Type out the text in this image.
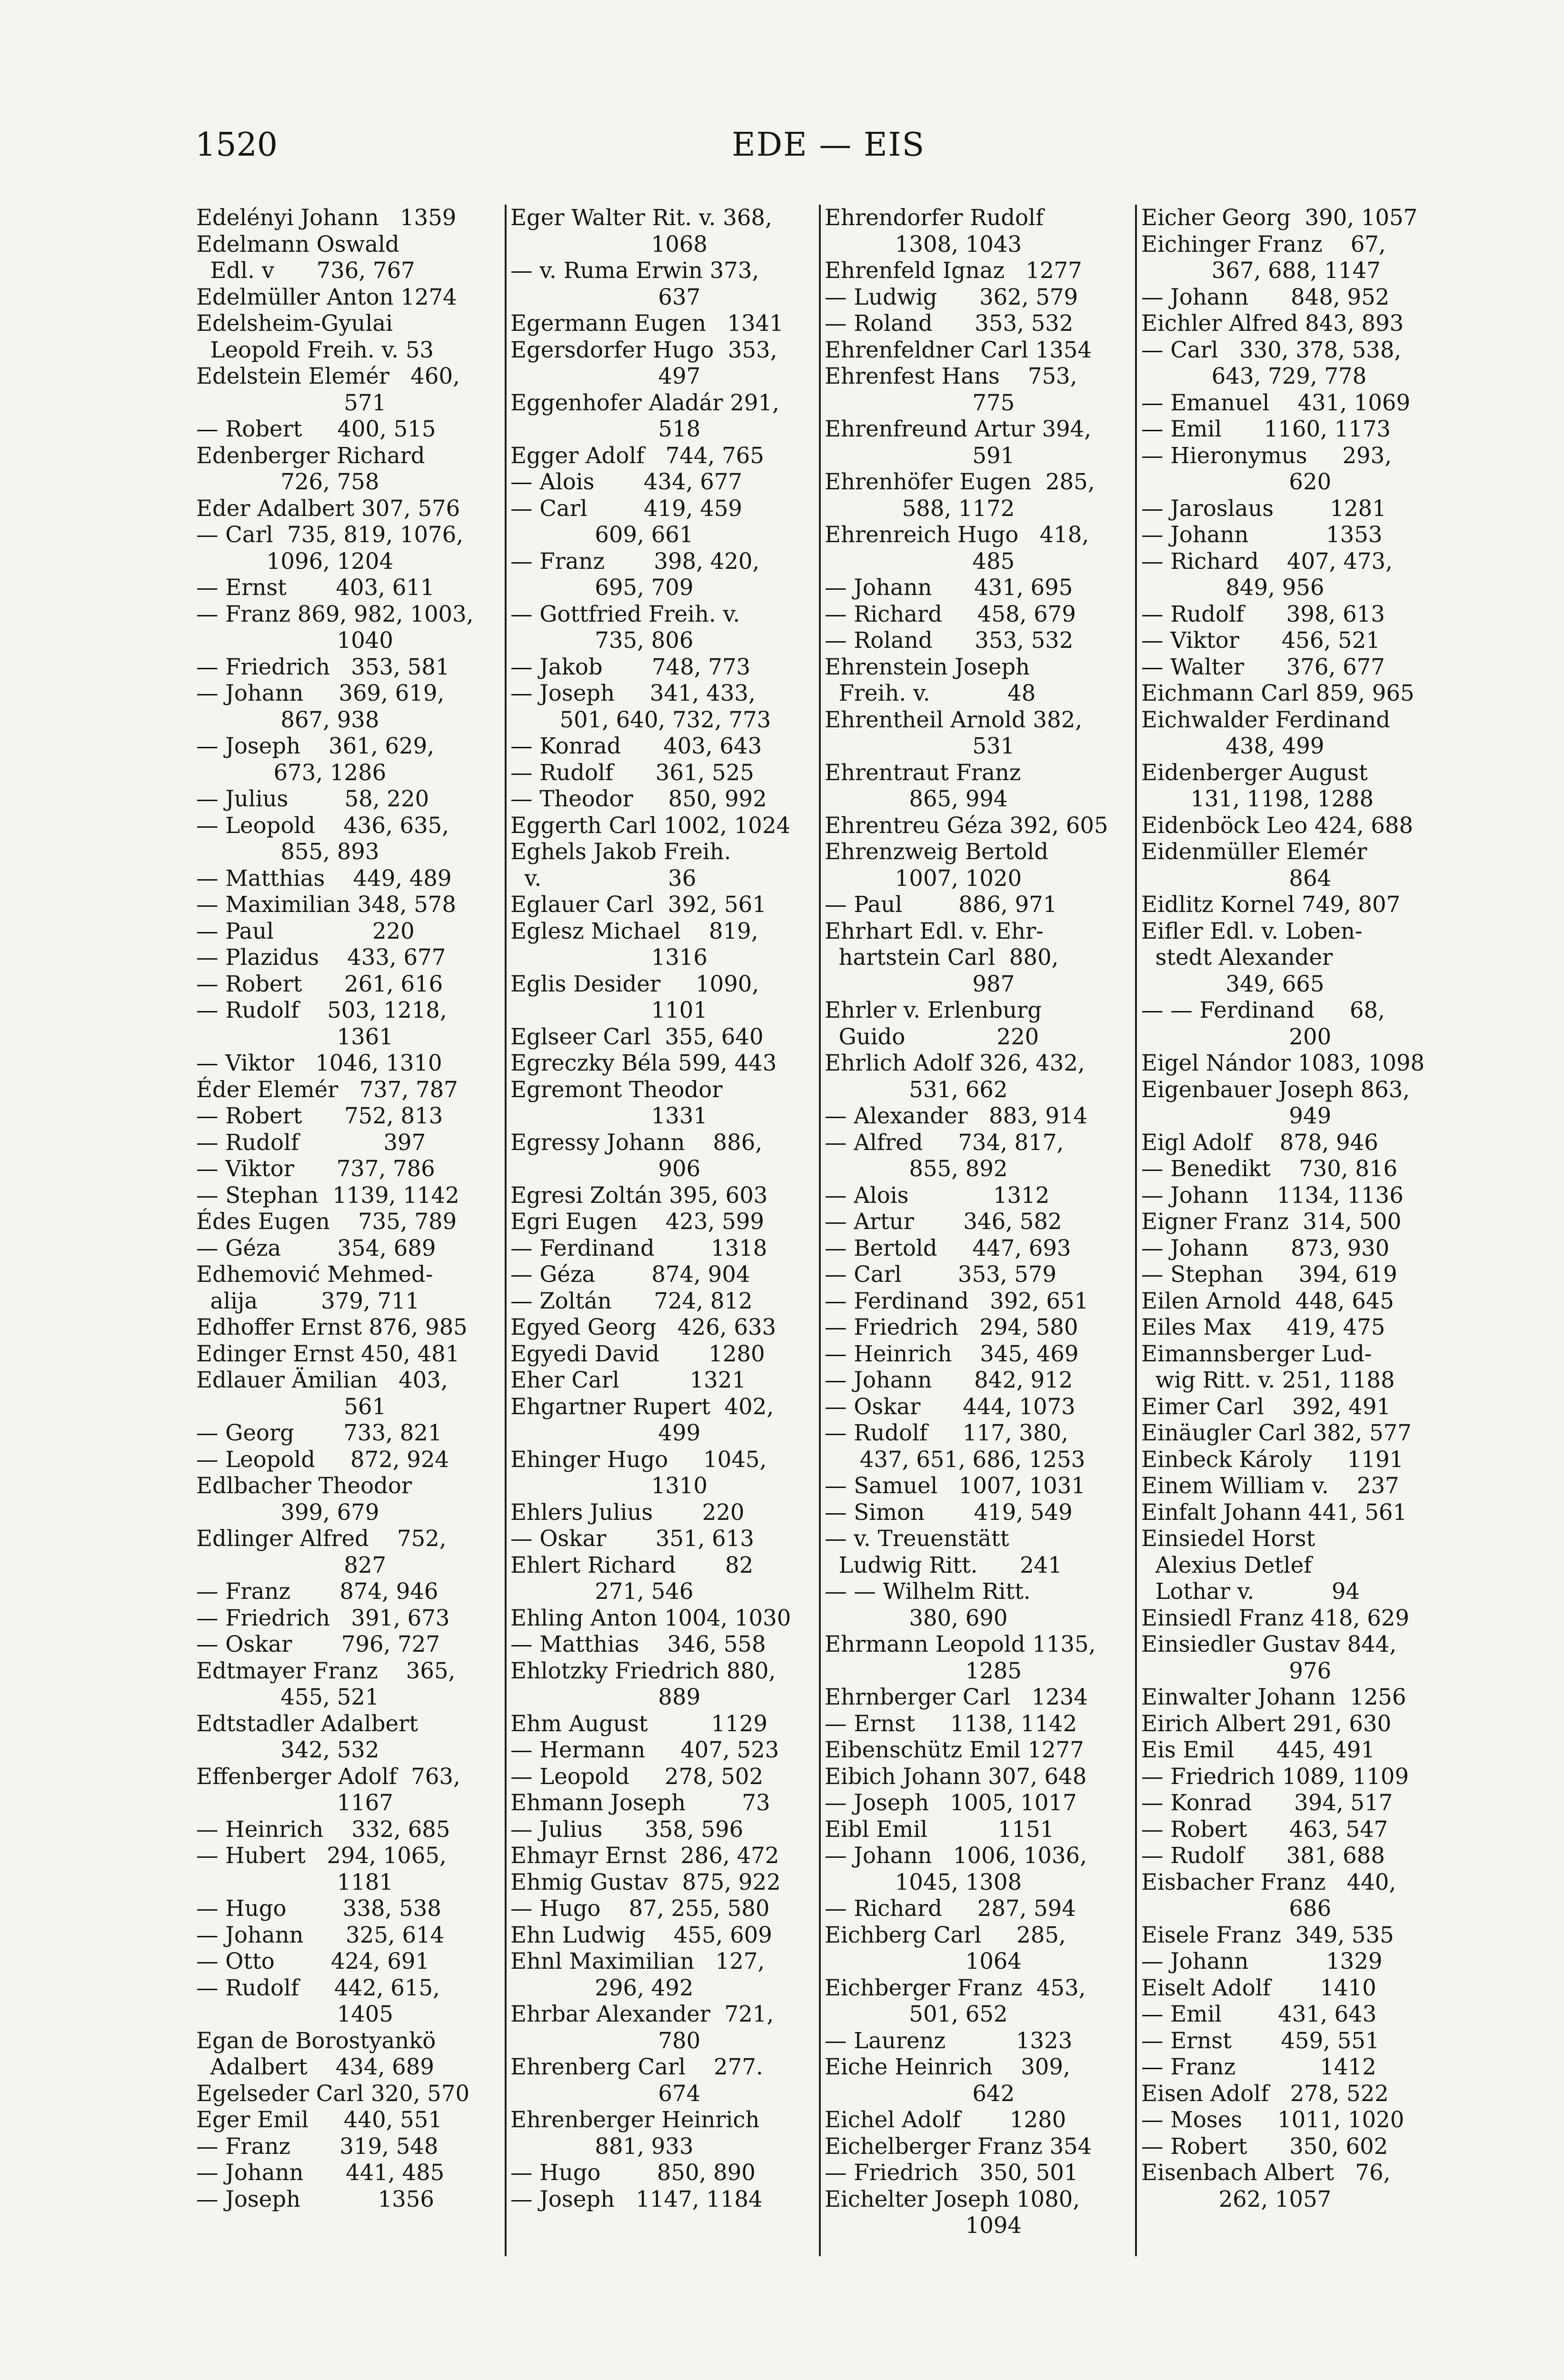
1520	EDE — EIS
Edelényi Johann   1359
Edelmann Oswald
Edl. v      736, 767
Edelmüller Anton 1274
Edelsheim-Gyulai
Leopold Freih. v. 53
Edelstein Elemér   460,
571
— Robert     400, 515
Edenberger Richard
726, 758
Eder Adalbert 307, 576
— Carl  735, 819, 1076,
1096, 1204
— Ernst       403, 611
— Franz 869, 982, 1003,
1040
— Friedrich   353, 581
— Johann     369, 619,
867, 938
— Joseph    361, 629,
673, 1286
— Julius        58, 220
— Leopold    436, 635,
855, 893
— Matthias    449, 489
— Maximilian 348, 578
— Paul              220
— Plazidus    433, 677
— Robert      261, 616
— Rudolf    503, 1218,
1361
— Viktor   1046, 1310
Éder Elemér   737, 787
— Robert      752, 813
— Rudolf            397
— Viktor      737, 786
— Stephan  1139, 1142
Édes Eugen    735, 789
— Géza        354, 689
Edhemović Mehmed-
alija         379, 711
Edhoffer Ernst 876, 985
Edinger Ernst 450, 481
Edlauer Ämilian   403,
561
— Georg       733, 821
— Leopold     872, 924
Edlbacher Theodor
399, 679
Edlinger Alfred    752,
827
— Franz       874, 946
— Friedrich   391, 673
— Oskar       796, 727
Edtmayer Franz    365,
455, 521
Edtstadler Adalbert
342, 532
Effenberger Adolf  763,
1167
— Heinrich    332, 685
— Hubert   294, 1065,
1181
— Hugo        338, 538
— Johann      325, 614
— Otto        424, 691
— Rudolf     442, 615,
1405
Egan de Borostyankö
Adalbert    434, 689
Egelseder Carl 320, 570
Eger Emil     440, 551
— Franz       319, 548
— Johann      441, 485
— Joseph           1356
Eger Walter Rit. v. 368,
1068
— v. Ruma Erwin 373,
637
Egermann Eugen   1341
Egersdorfer Hugo  353,
497
Eggenhofer Aladár 291,
518
Egger Adolf   744, 765
— Alois       434, 677
— Carl        419, 459
609, 661
— Franz       398, 420,
695, 709
— Gottfried Freih. v.
735, 806
— Jakob       748, 773
— Joseph     341, 433,
501, 640, 732, 773
— Konrad      403, 643
— Rudolf      361, 525
— Theodor     850, 992
Eggerth Carl 1002, 1024
Eghels Jakob Freih.
v.                  36
Eglauer Carl  392, 561
Eglesz Michael    819,
1316
Eglis Desider     1090,
1101
Eglseer Carl  355, 640
Egreczky Béla 599, 443
Egremont Theodor
1331
Egressy Johann    886,
906
Egresi Zoltán 395, 603
Egri Eugen    423, 599
— Ferdinand        1318
— Géza        874, 904
— Zoltán      724, 812
Egyed Georg   426, 633
Egyedi David       1280
Eher Carl          1321
Ehgartner Rupert  402,
499
Ehinger Hugo     1045,
1310
Ehlers Julius       220
— Oskar       351, 613
Ehlert Richard       82
271, 546
Ehling Anton 1004, 1030
— Matthias    346, 558
Ehlotzky Friedrich 880,
889
Ehm August         1129
— Hermann     407, 523
— Leopold     278, 502
Ehmann Joseph        73
— Julius      358, 596
Ehmayr Ernst  286, 472
Ehmig Gustav  875, 922
— Hugo    87, 255, 580
Ehn Ludwig    455, 609
Ehnl Maximilian   127,
296, 492
Ehrbar Alexander  721,
780
Ehrenberg Carl    277.
674
Ehrenberger Heinrich
881, 933
— Hugo        850, 890
— Joseph   1147, 1184
Ehrendorfer Rudolf
1308, 1043
Ehrenfeld Ignaz   1277
— Ludwig      362, 579
— Roland      353, 532
Ehrenfeldner Carl 1354
Ehrenfest Hans    753,
775
Ehrenfreund Artur 394,
591
Ehrenhöfer Eugen  285,
588, 1172
Ehrenreich Hugo   418,
485
— Johann      431, 695
— Richard     458, 679
— Roland      353, 532
Ehrenstein Joseph
Freih. v.           48
Ehrentheil Arnold 382,
531
Ehrentraut Franz
865, 994
Ehrentreu Géza 392, 605
Ehrenzweig Bertold
1007, 1020
— Paul        886, 971
Ehrhart Edl. v. Ehr-
hartstein Carl  880,
987
Ehrler v. Erlenburg
Guido             220
Ehrlich Adolf 326, 432,
531, 662
— Alexander   883, 914
— Alfred     734, 817,
855, 892
— Alois            1312
— Artur       346, 582
— Bertold     447, 693
— Carl        353, 579
— Ferdinand   392, 651
— Friedrich   294, 580
— Heinrich    345, 469
— Johann      842, 912
— Oskar      444, 1073
— Rudolf     117, 380,
437, 651, 686, 1253
— Samuel   1007, 1031
— Simon       419, 549
— v. Treuenstätt
Ludwig Ritt.      241
— — Wilhelm Ritt.
380, 690
Ehrmann Leopold 1135,
1285
Ehrnberger Carl   1234
— Ernst     1138, 1142
Eibenschütz Emil 1277
Eibich Johann 307, 648
— Joseph   1005, 1017
Eibl Emil          1151
— Johann   1006, 1036,
1045, 1308
— Richard     287, 594
Eichberg Carl     285,
1064
Eichberger Franz  453,
501, 652
— Laurenz          1323
Eiche Heinrich    309,
642
Eichel Adolf       1280
Eichelberger Franz 354
— Friedrich   350, 501
Eichelter Joseph 1080,
1094
Eicher Georg  390, 1057
Eichinger Franz    67,
367, 688, 1147
— Johann      848, 952
Eichler Alfred 843, 893
— Carl   330, 378, 538,
643, 729, 778
— Emanuel    431, 1069
— Emil      1160, 1173
— Hieronymus     293,
620
— Jaroslaus        1281
— Johann           1353
— Richard    407, 473,
849, 956
— Rudolf      398, 613
— Viktor      456, 521
— Walter      376, 677
Eichmann Carl 859, 965
Eichwalder Ferdinand
438, 499
Eidenberger August
131, 1198, 1288
Eidenböck Leo 424, 688
Eidenmüller Elemér
864
Eidlitz Kornel 749, 807
Eifler Edl. v. Loben-
stedt Alexander
349, 665
— — Ferdinand     68,
200
Eigel Nándor 1083, 1098
Eigenbauer Joseph 863,
949
Eigl Adolf    878, 946
— Benedikt    730, 816
— Johann    1134, 1136
Eigner Franz  314, 500
— Johann      873, 930
— Stephan     394, 619
Eilen Arnold  448, 645
Eiles Max     419, 475
Eimannsberger Lud-
wig Ritt. v. 251, 1188
Eimer Carl    392, 491
Einäugler Carl 382, 577
Einbeck Károly     1191
Einem William v.    237
Einfalt Johann 441, 561
Einsiedel Horst
Alexius Detlef
Lothar v.           94
Einsiedl Franz 418, 629
Einsiedler Gustav 844,
976
Einwalter Johann  1256
Eirich Albert 291, 630
Eis Emil      445, 491
— Friedrich 1089, 1109
— Konrad      394, 517
— Robert      463, 547
— Rudolf      381, 688
Eisbacher Franz   440,
686
Eisele Franz  349, 535
— Johann           1329
Eiselt Adolf       1410
— Emil        431, 643
— Ernst       459, 551
— Franz            1412
Eisen Adolf   278, 522
— Moses     1011, 1020
— Robert      350, 602
Eisenbach Albert   76,
262, 1057
